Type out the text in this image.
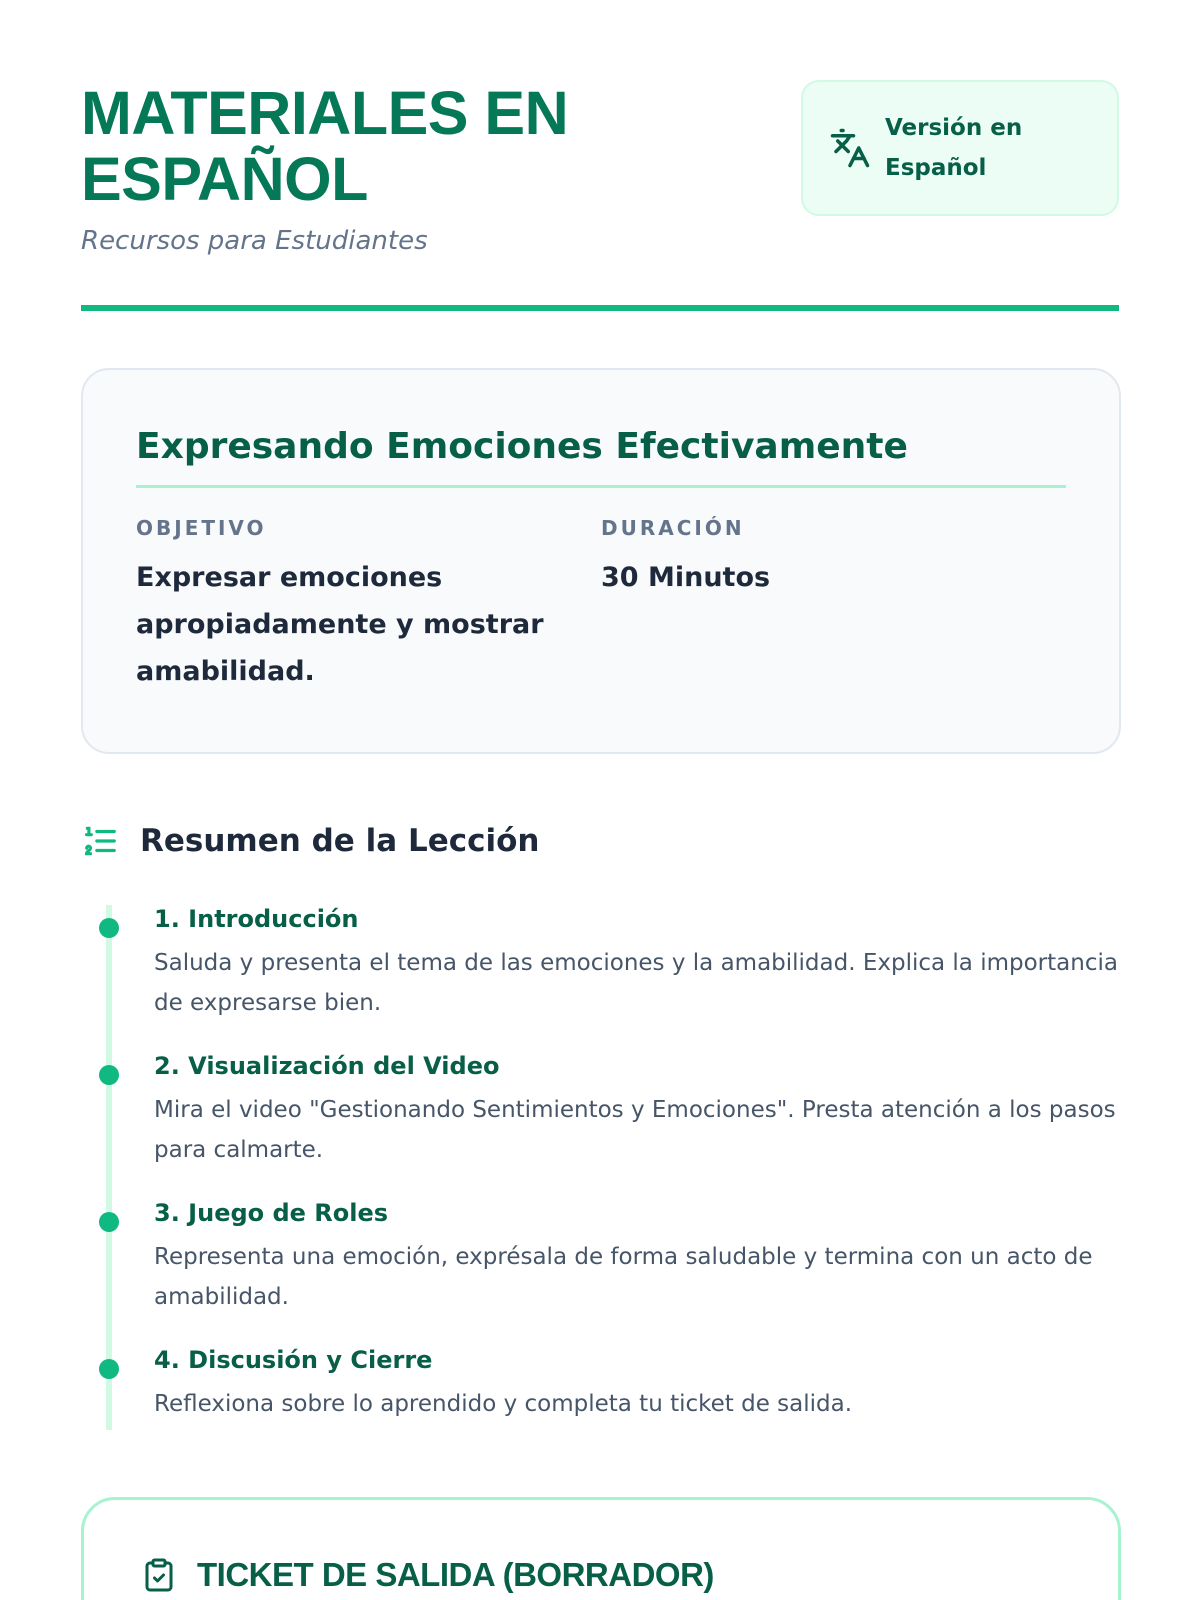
MATERIALES EN
ESPAÑOL
Recursos para Estudiantes
Versión en
Español
Expresando Emociones Efectivamente
OBJETIVO
Expresar emociones apropiadamente y mostrar amabilidad.
DURACIÓN
30 Minutos
Resumen de la Lección
1. Introducción
Saluda y presenta el tema de las emociones y la amabilidad. Explica la importancia de expresarse bien.
2. Visualización del Video
Mira el video "Gestionando Sentimientos y Emociones". Presta atención a los pasos para calmarte.
3. Juego de Roles
Representa una emoción, exprésala de forma saludable y termina con un acto de amabilidad.
4. Discusión y Cierre
Reflexiona sobre lo aprendido y completa tu ticket de salida.
TICKET DE SALIDA (BORRADOR)
